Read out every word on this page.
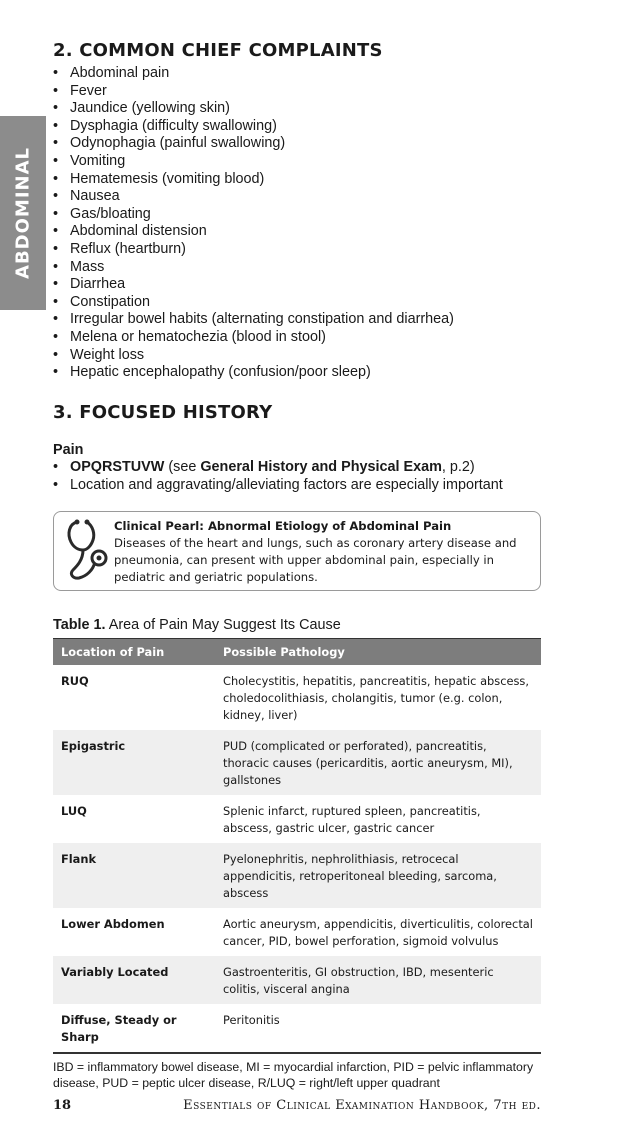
ABDOMINAL
2. COMMON CHIEF COMPLAINTS
• Abdominal pain
• Fever
• Jaundice (yellowing skin)
• Dysphagia (difficulty swallowing)
• Odynophagia (painful swallowing)
• Vomiting
• Hematemesis (vomiting blood)
• Nausea
• Gas/bloating
• Abdominal distension
• Reflux (heartburn)
• Mass
• Diarrhea
• Constipation
• Irregular bowel habits (alternating constipation and diarrhea)
• Melena or hematochezia (blood in stool)
• Weight loss
• Hepatic encephalopathy (confusion/poor sleep)
3. FOCUSED HISTORY
Pain
• OPQRSTUVW (see General History and Physical Exam, p.2)
• Location and aggravating/alleviating factors are especially important
Clinical Pearl: Abnormal Etiology of Abdominal Pain
Diseases of the heart and lungs, such as coronary artery disease and pneumonia, can present with upper abdominal pain, especially in pediatric and geriatric populations.
Table 1. Area of Pain May Suggest Its Cause
Location of Pain	Possible Pathology
RUQ	Cholecystitis, hepatitis, pancreatitis, hepatic abscess, choledocolithiasis, cholangitis, tumor (e.g. colon, kidney, liver)
Epigastric	PUD (complicated or perforated), pancreatitis, thoracic causes (pericarditis, aortic aneurysm, MI), gallstones
LUQ	Splenic infarct, ruptured spleen, pancreatitis, abscess, gastric ulcer, gastric cancer
Flank	Pyelonephritis, nephrolithiasis, retrocecal appendicitis, retroperitoneal bleeding, sarcoma, abscess
Lower Abdomen	Aortic aneurysm, appendicitis, diverticulitis, colorectal cancer, PID, bowel perforation, sigmoid volvulus
Variably Located	Gastroenteritis, GI obstruction, IBD, mesenteric colitis, visceral angina
Diffuse, Steady or Sharp	Peritonitis
IBD = inflammatory bowel disease, MI = myocardial infarction, PID = pelvic inflammatory disease, PUD = peptic ulcer disease, R/LUQ = right/left upper quadrant
18	Essentials of Clinical Examination Handbook, 7th ed.
